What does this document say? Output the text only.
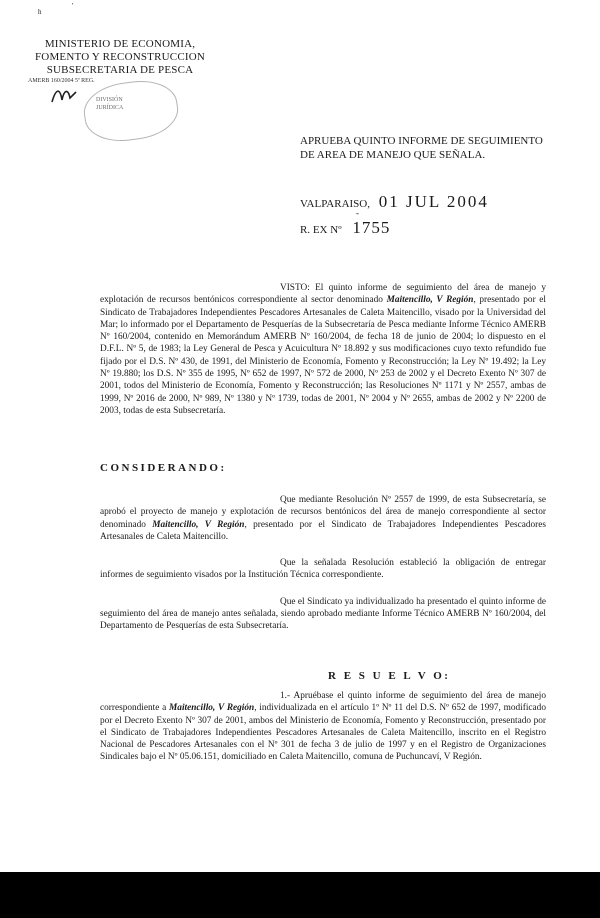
h
'
MINISTERIO DE ECONOMIA,
FOMENTO Y RECONSTRUCCION
SUBSECRETARIA DE PESCA
AMERB 160/2004 5ª REG.
DIVISIÓN
JURÍDICA
APRUEBA QUINTO INFORME DE SEGUIMIENTO DE AREA DE MANEJO QUE SEÑALA.
VALPARAISO, 01 JUL 2004
-
R. EX Nº 1755

VISTO: El quinto informe de seguimiento del área de manejo y explotación de recursos bentónicos correspondiente al sector denominado Maitencillo, V Región, presentado por el Sindicato de Trabajadores Independientes Pescadores Artesanales de Caleta Maitencillo, visado por la Universidad del Mar; lo informado por el Departamento de Pesquerías de la Subsecretaría de Pesca mediante Informe Técnico AMERB Nº 160/2004, contenido en Memorándum AMERB Nº 160/2004, de fecha 18 de junio de 2004; lo dispuesto en el D.F.L. Nº 5, de 1983; la Ley General de Pesca y Acuicultura Nº 18.892 y sus modificaciones cuyo texto refundido fue fijado por el D.S. Nº 430, de 1991, del Ministerio de Economía, Fomento y Reconstrucción; la Ley Nº 19.492; la Ley Nº 19.880; los D.S. Nº 355 de 1995, Nº 652 de 1997, Nº 572 de 2000, Nº 253 de 2002 y el Decreto Exento Nº 307 de 2001, todos del Ministerio de Economía, Fomento y Reconstrucción; las Resoluciones Nº 1171 y Nº 2557, ambas de 1999, Nº 2016 de 2000, Nº 989, Nº 1380 y Nº 1739, todas de 2001, Nº 2004 y Nº 2655, ambas de 2002 y Nº 2200 de 2003, todas de esta Subsecretaría.

CONSIDERANDO:

Que mediante Resolución Nº 2557 de 1999, de esta Subsecretaría, se aprobó el proyecto de manejo y explotación de recursos bentónicos del área de manejo correspondiente al sector denominado Maitencillo, V Región, presentado por el Sindicato de Trabajadores Independientes Pescadores Artesanales de Caleta Maitencillo.

Que la señalada Resolución estableció la obligación de entregar informes de seguimiento visados por la Institución Técnica correspondiente.

Que el Sindicato ya individualizado ha presentado el quinto informe de seguimiento del área de manejo antes señalada, siendo aprobado mediante Informe Técnico AMERB Nº 160/2004, del Departamento de Pesquerías de esta Subsecretaría.

R E S U E L V O:

1.- Apruébase el quinto informe de seguimiento del área de manejo correspondiente a Maitencillo, V Región, individualizada en el artículo 1º Nº 11 del D.S. Nº 652 de 1997, modificado por el Decreto Exento Nº 307 de 2001, ambos del Ministerio de Economía, Fomento y Reconstrucción, presentado por el Sindicato de Trabajadores Independientes Pescadores Artesanales de Caleta Maitencillo, inscrito en el Registro Nacional de Pescadores Artesanales con el Nº 301 de fecha 3 de julio de 1997 y en el Registro de Organizaciones Sindicales bajo el Nº 05.06.151, domiciliado en Caleta Maitencillo, comuna de Puchuncaví, V Región.
